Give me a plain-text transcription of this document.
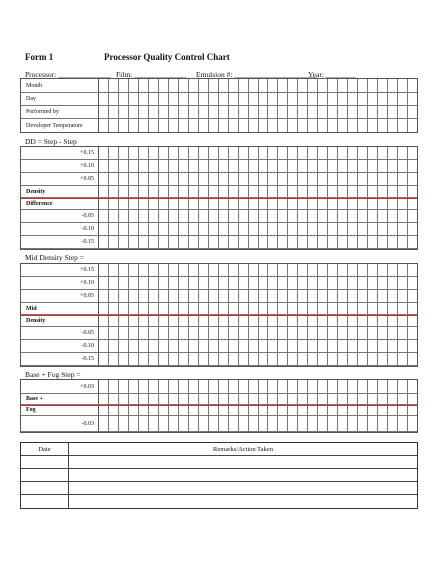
Form 1	Processor Quality Control Chart
Processor: ______________ Film: ______________ Emulsion #: ______________________
Year: ________
Month
Day
Performed by
Developer Temperature
DD = Step - Step
+0.15
+0.10
+0.05
Density
Difference
-0.05
-0.10
-0.15
Mid Density Step =
+0.15
+0.10
+0.05
Mid
Density
-0.05
-0.10
-0.15
Base + Fog Step =
+0.03
Base +
Fog
-0.03
Date	Remarks/Action Taken
